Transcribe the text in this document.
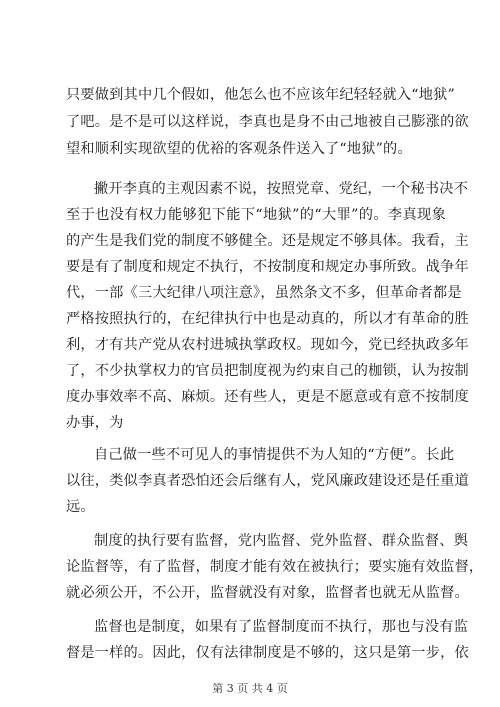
只要做到其中几个假如，他怎么也不应该年纪轻轻就入“地狱”
了吧。是不是可以这样说，李真也是身不由己地被自己膨涨的欲
望和顺利实现欲望的优裕的客观条件送入了“地狱”的。
撇开李真的主观因素不说，按照党章、党纪，一个秘书决不
至于也没有权力能够犯下能下“地狱”的“大罪”的。李真现象
的产生是我们党的制度不够健全。还是规定不够具体。我看，主
要是有了制度和规定不执行，不按制度和规定办事所致。战争年
代，一部《三大纪律八项注意》，虽然条文不多，但革命者都是
严格按照执行的，在纪律执行中也是动真的，所以才有革命的胜
利，才有共产党从农村进城执掌政权。现如今，党已经执政多年
了，不少执掌权力的官员把制度视为约束自己的枷锁，认为按制
度办事效率不高、麻烦。还有些人，更是不愿意或有意不按制度
办事，为
自己做一些不可见人的事情提供不为人知的“方便”。长此
以往，类似李真者恐怕还会后继有人，党风廉政建设还是任重道
远。
制度的执行要有监督，党内监督、党外监督、群众监督、舆
论监督等，有了监督，制度才能有效在被执行；要实施有效监督，
就必须公开，不公开，监督就没有对象，监督者也就无从监督。
监督也是制度，如果有了监督制度而不执行，那也与没有监
督是一样的。因此，仅有法律制度是不够的，这只是第一步，依
第 3 页 共 4 页
